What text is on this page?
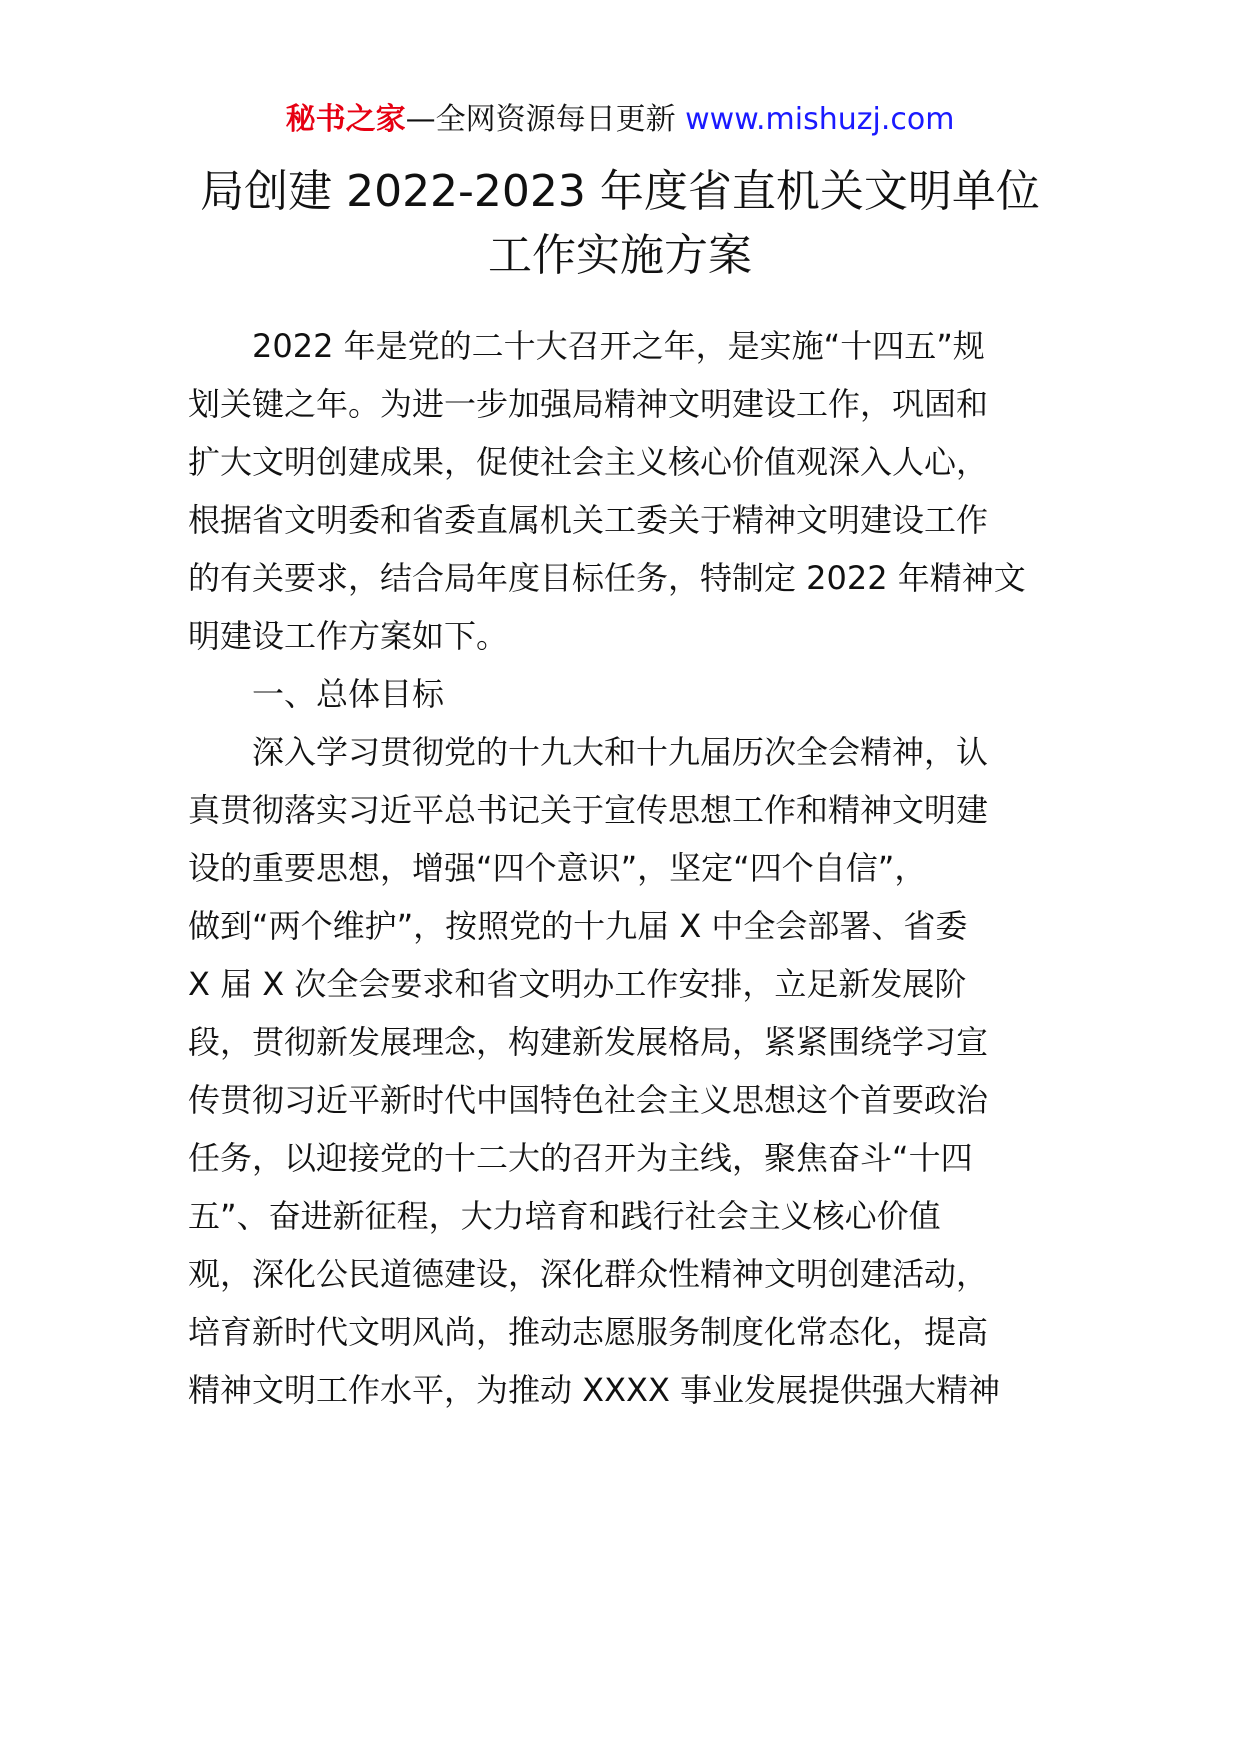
秘书之家—全网资源每日更新 www.mishuzj.com
局创建 2022-2023 年度省直机关文明单位
工作实施方案
2022 年是党的二十大召开之年，是实施“十四五”规
划关键之年。为进一步加强局精神文明建设工作，巩固和
扩大文明创建成果，促使社会主义核心价值观深入人心，
根据省文明委和省委直属机关工委关于精神文明建设工作
的有关要求，结合局年度目标任务，特制定 2022 年精神文
明建设工作方案如下。
一、总体目标
深入学习贯彻党的十九大和十九届历次全会精神，认
真贯彻落实习近平总书记关于宣传思想工作和精神文明建
设的重要思想，增强“四个意识”，坚定“四个自信”，
做到“两个维护”，按照党的十九届 X 中全会部署、省委
X 届 X 次全会要求和省文明办工作安排，立足新发展阶
段，贯彻新发展理念，构建新发展格局，紧紧围绕学习宣
传贯彻习近平新时代中国特色社会主义思想这个首要政治
任务，以迎接党的十二大的召开为主线，聚焦奋斗“十四
五”、奋进新征程，大力培育和践行社会主义核心价值
观，深化公民道德建设，深化群众性精神文明创建活动，
培育新时代文明风尚，推动志愿服务制度化常态化，提高
精神文明工作水平，为推动 XXXX 事业发展提供强大精神
